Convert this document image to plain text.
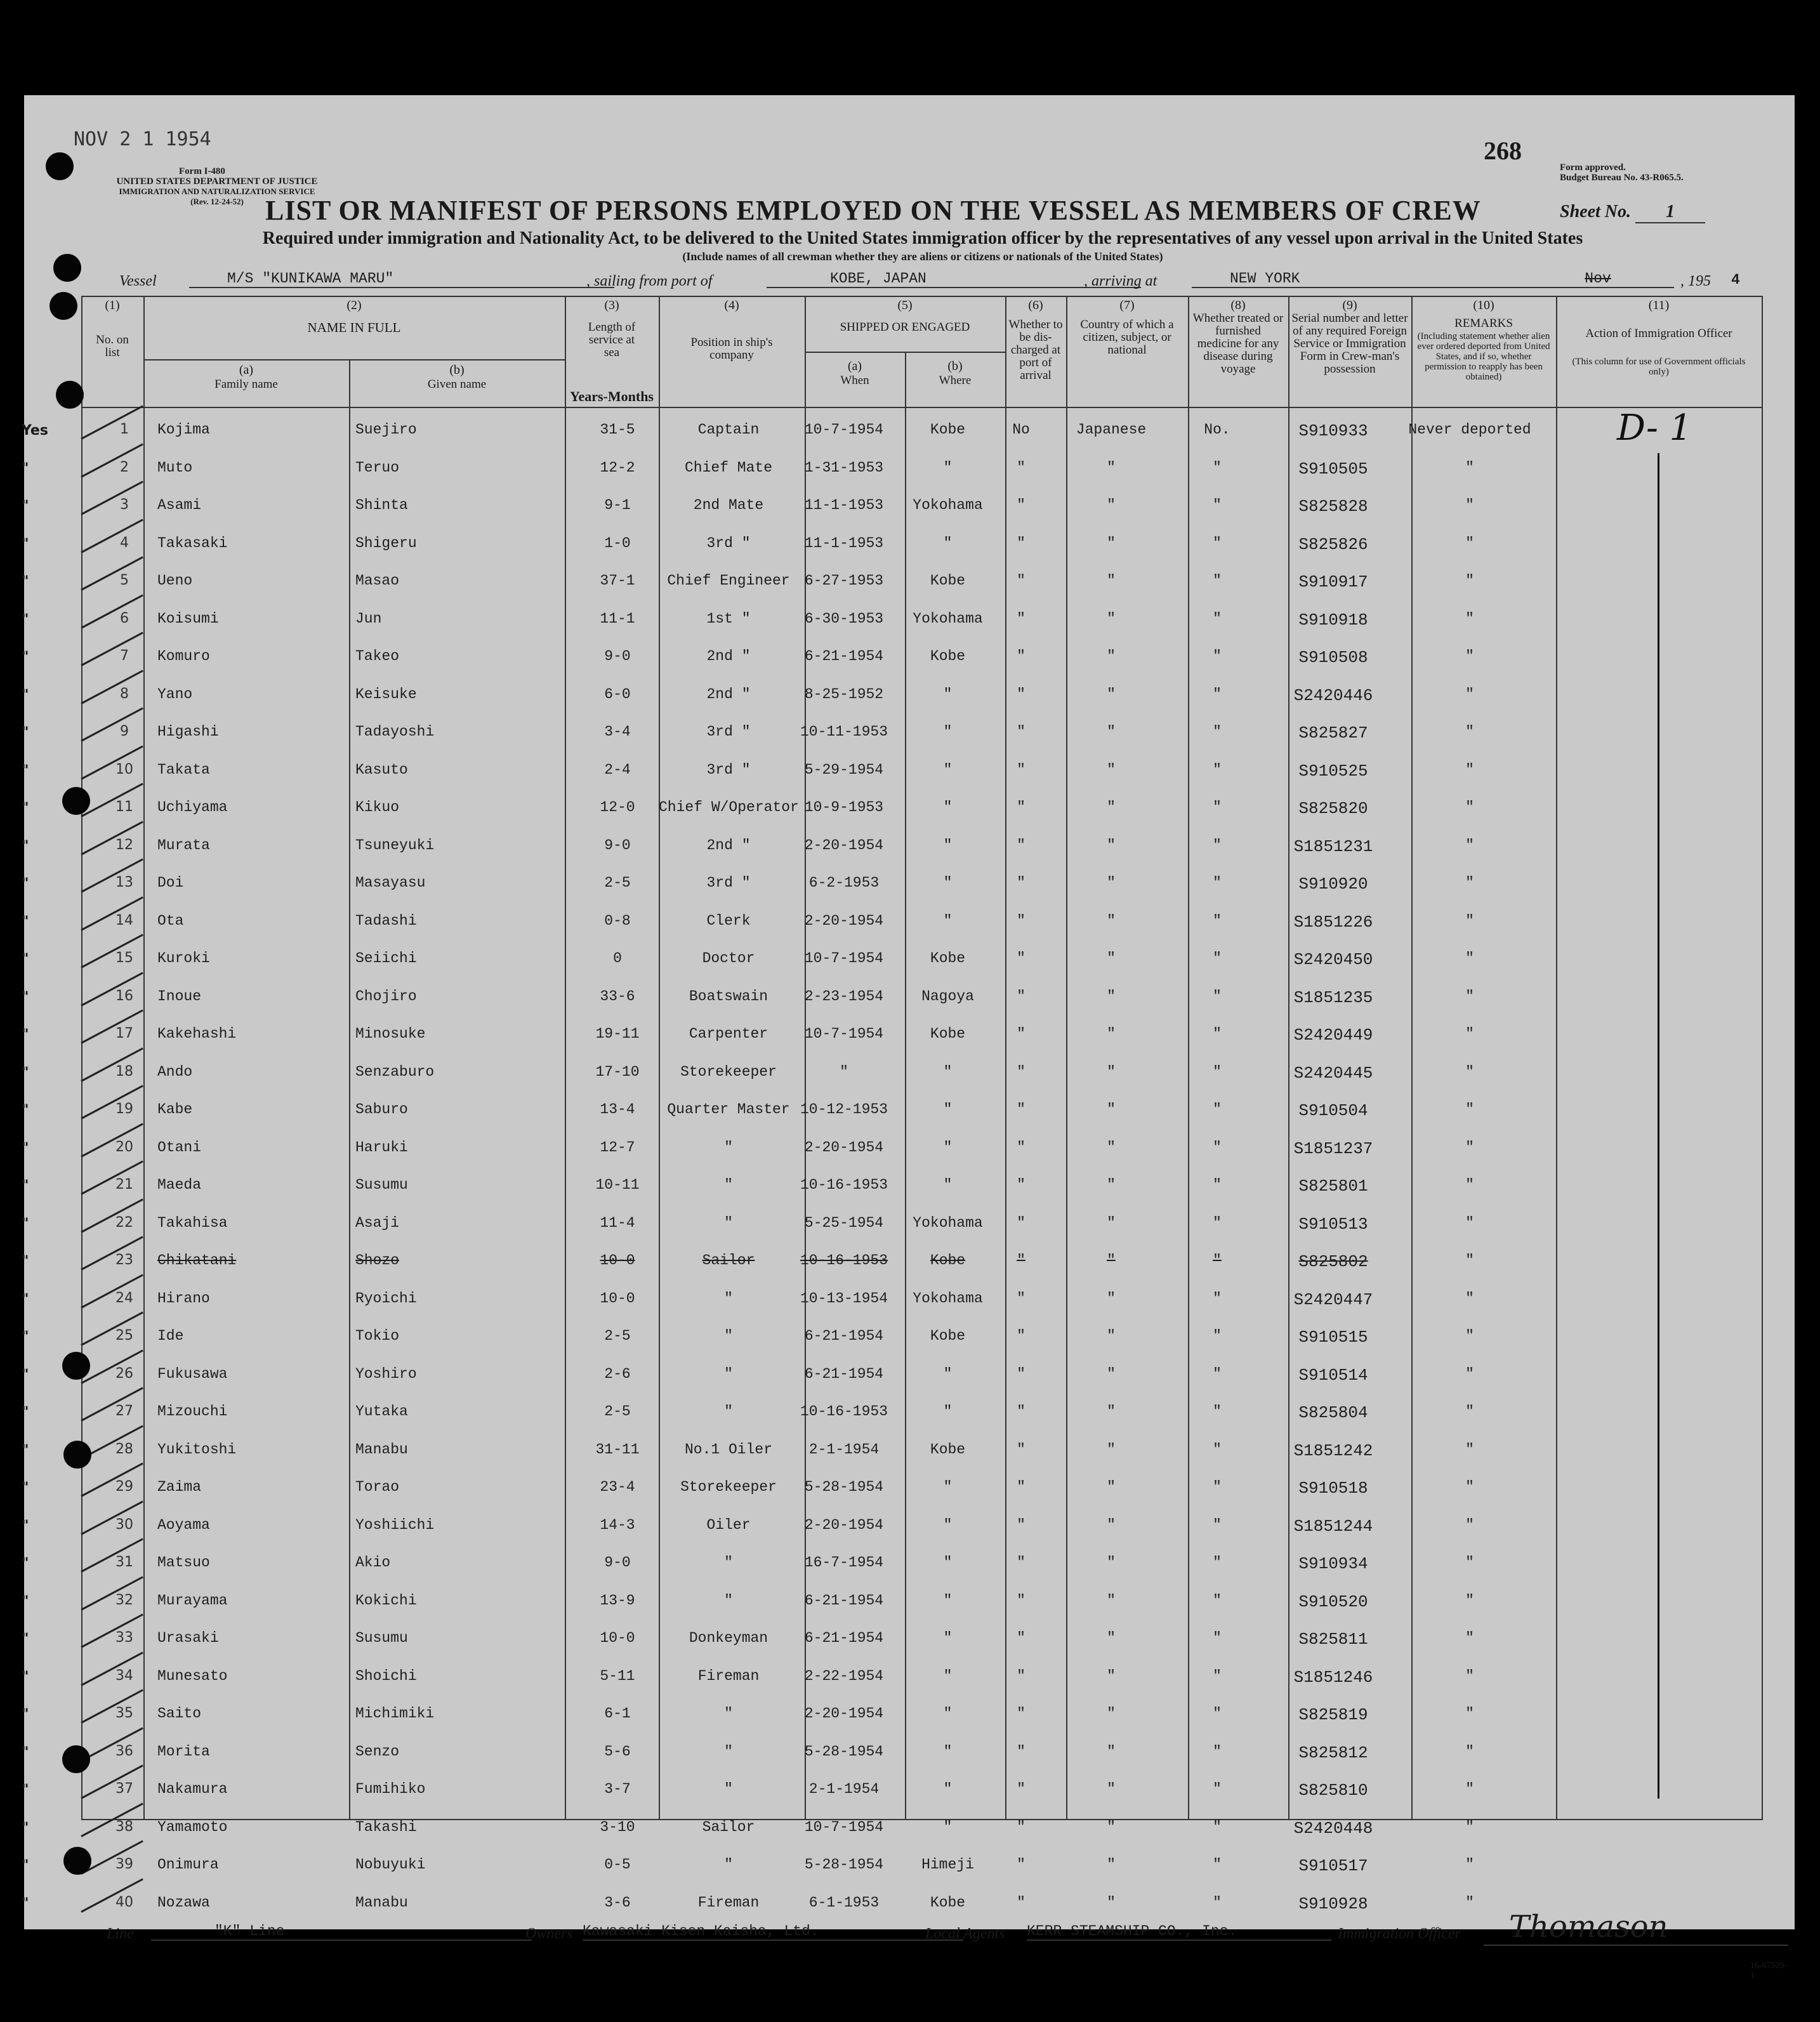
NOV 2 1 1954
Form I-480
UNITED STATES DEPARTMENT OF JUSTICE
IMMIGRATION AND NATURALIZATION SERVICE
(Rev. 12-24-52)
268
Form approved.
Budget Bureau No. 43-R065.5.
LIST OR MANIFEST OF PERSONS EMPLOYED ON THE VESSEL AS MEMBERS OF CREW	Sheet No. 1
Required under immigration and Nationality Act, to be delivered to the United States immigration officer by the representatives of any vessel upon arrival in the United States
(Include names of all crewman whether they are aliens or citizens or nationals of the United States)
Vessel	M/S "KUNIKAWA MARU"	, sailing from port of	KOBE, JAPAN	, arriving at	NEW YORK	Nov	, 195 4
(1)
No. on list
(2)
NAME IN FULL
(a)
Family name
(b)
Given name
(3)
Length of service at sea
Years-Months
(4)
Position in ship's company
(5)
SHIPPED OR ENGAGED
(a)
When
(b)
Where
(6)
Whether to be dis-charged at port of arrival
(7)
Country of which a citizen, subject, or national
(8)
Whether treated or furnished medicine for any disease during voyage
(9)
Serial number and letter of any required Foreign Service or Immigration Form in Crew-man's possession
(10)
REMARKS
(Including statement whether alien ever ordered deported from United States, and if so, whether permission to reapply has been obtained)
(11)
Action of Immigration Officer
(This column for use of Government officials only)
D- 1
Yes	1	Kojima	Suejiro	31-5	Captain	10-7-1954	Kobe	No	Japanese	No.	S910933	Never deported
"	2	Muto	Teruo	12-2	Chief Mate	1-31-1953	"	"	"	"	S910505	"
"	3	Asami	Shinta	9-1	2nd Mate	11-1-1953	Yokohama	"	"	"	S825828	"
"	4	Takasaki	Shigeru	1-0	3rd "	11-1-1953	"	"	"	"	S825826	"
"	5	Ueno	Masao	37-1	Chief Engineer	6-27-1953	Kobe	"	"	"	S910917	"
"	6	Koisumi	Jun	11-1	1st "	6-30-1953	Yokohama	"	"	"	S910918	"
"	7	Komuro	Takeo	9-0	2nd "	6-21-1954	Kobe	"	"	"	S910508	"
"	8	Yano	Keisuke	6-0	2nd "	8-25-1952	"	"	"	"	S2420446	"
"	9	Higashi	Tadayoshi	3-4	3rd "	10-11-1953	"	"	"	"	S825827	"
"	10	Takata	Kasuto	2-4	3rd "	5-29-1954	"	"	"	"	S910525	"
"	11	Uchiyama	Kikuo	12-0	Chief W/Operator 10-9-1953	"	"	"	"	S825820	"
"	12	Murata	Tsuneyuki	9-0	2nd "	2-20-1954	"	"	"	"	S1851231	"
"	13	Doi	Masayasu	2-5	3rd "	6-2-1953	"	"	"	"	S910920	"
"	14	Ota	Tadashi	0-8	Clerk	2-20-1954	"	"	"	"	S1851226	"
"	15	Kuroki	Seiichi	0	Doctor	10-7-1954	Kobe	"	"	"	S2420450	"
"	16	Inoue	Chojiro	33-6	Boatswain	2-23-1954	Nagoya	"	"	"	S1851235	"
"	17	Kakehashi	Minosuke	19-11	Carpenter	10-7-1954	Kobe	"	"	"	S2420449	"
"	18	Ando	Senzaburo	17-10	Storekeeper	"	"	"	"	"	S2420445	"
"	19	Kabe	Saburo	13-4	Quarter Master 10-12-1953	"	"	"	"	S910504	"
"	20	Otani	Haruki	12-7	"	2-20-1954	"	"	"	"	S1851237	"
"	21	Maeda	Susumu	10-11	"	10-16-1953	"	"	"	"	S825801	"
"	22	Takahisa	Asaji	11-4	"	5-25-1954	Yokohama	"	"	"	S910513	"
"	23	Chikatani	Shozo	10-0	Sailor	10-16-1953	Kobe	"	"	"	S825802	"
"	24	Hirano	Ryoichi	10-0	"	10-13-1954	Yokohama	"	"	"	S2420447	"
"	25	Ide	Tokio	2-5	"	6-21-1954	Kobe	"	"	"	S910515	"
"	26	Fukusawa	Yoshiro	2-6	"	6-21-1954	"	"	"	"	S910514	"
"	27	Mizouchi	Yutaka	2-5	"	10-16-1953	"	"	"	"	S825804	"
"	28	Yukitoshi	Manabu	31-11	No.1 Oiler	2-1-1954	Kobe	"	"	"	S1851242	"
"	29	Zaima	Torao	23-4	Storekeeper	5-28-1954	"	"	"	"	S910518	"
"	30	Aoyama	Yoshiichi	14-3	Oiler	2-20-1954	"	"	"	"	S1851244	"
"	31	Matsuo	Akio	9-0	"	16-7-1954	"	"	"	"	S910934	"
"	32	Murayama	Kokichi	13-9	"	6-21-1954	"	"	"	"	S910520	"
"	33	Urasaki	Susumu	10-0	Donkeyman	6-21-1954	"	"	"	"	S825811	"
"	34	Munesato	Shoichi	5-11	Fireman	2-22-1954	"	"	"	"	S1851246	"
"	35	Saito	Michimiki	6-1	"	2-20-1954	"	"	"	"	S825819	"
"	36	Morita	Senzo	5-6	"	5-28-1954	"	"	"	"	S825812	"
"	37	Nakamura	Fumihiko	3-7	"	2-1-1954	"	"	"	"	S825810	"
"	38	Yamamoto	Takashi	3-10	Sailor	10-7-1954	"	"	"	"	S2420448	"
"	39	Onimura	Nobuyuki	0-5	"	5-28-1954	Himeji	"	"	"	S910517	"
"	40	Nozawa	Manabu	3-6	Fireman	6-1-1953	Kobe	"	"	"	S910928	"
Line	"K" Line	Owners Kawasaki Kisen Kaisha, Ltd.	Local Agents KERR STEAMSHIP CO., Inc.	Immigration Officer	Thomason
16-67529-1
